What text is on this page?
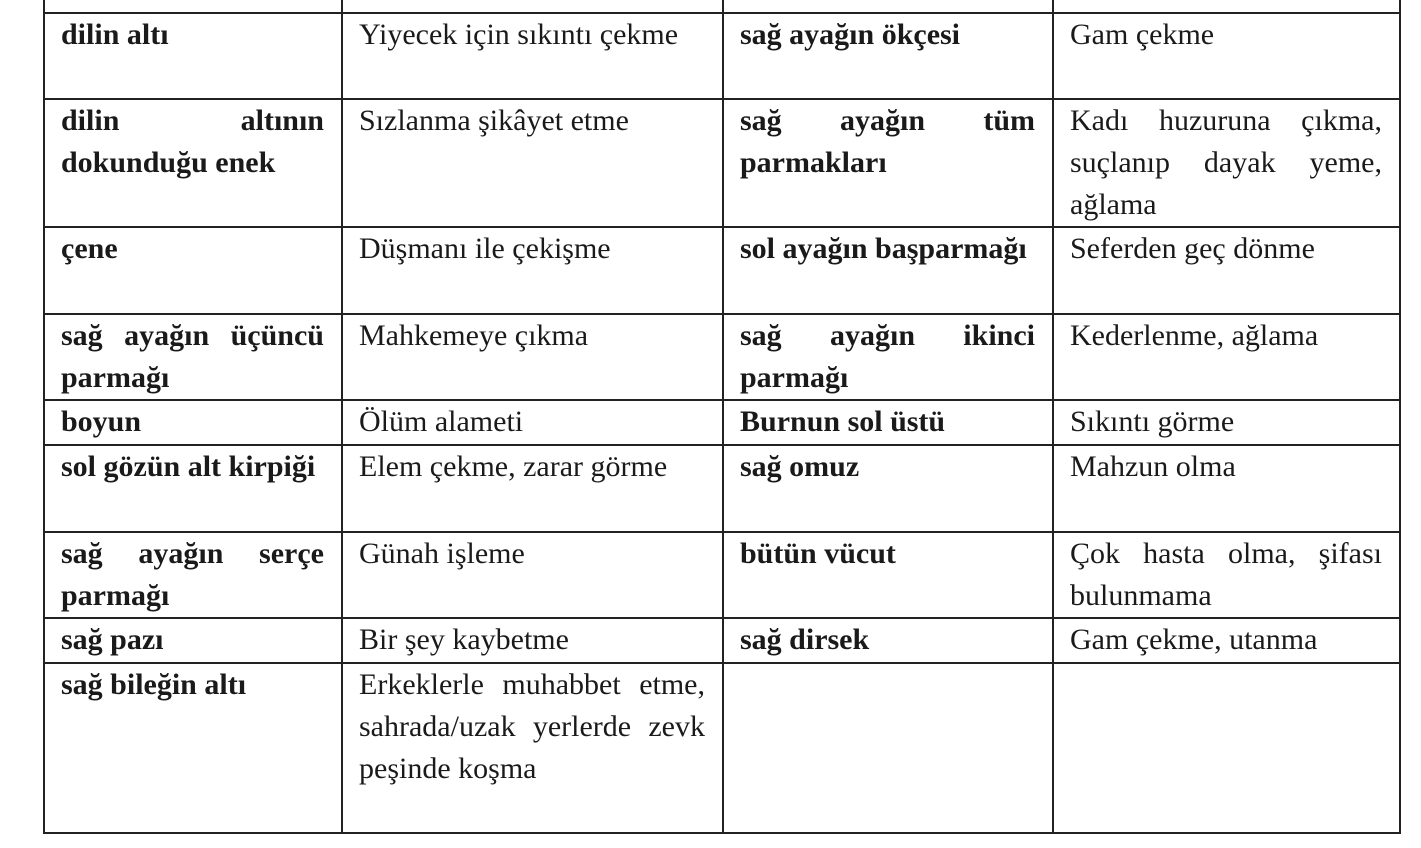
dilin altı	Yiyecek için sıkıntı çekme	sağ ayağın ökçesi	Gam çekme
dilin altının dokunduğu enek	Sızlanma şikâyet etme	sağ ayağın tüm parmakları	Kadı huzuruna çıkma, suçlanıp dayak yeme, ağlama
çene	Düşmanı ile çekişme	sol ayağın başparmağı	Seferden geç dönme
sağ ayağın üçüncü parmağı	Mahkemeye çıkma	sağ ayağın ikinci parmağı	Kederlenme, ağlama
boyun	Ölüm alameti	Burnun sol üstü	Sıkıntı görme
sol gözün alt kirpiği	Elem çekme, zarar görme	sağ omuz	Mahzun olma
sağ ayağın serçe parmağı	Günah işleme	bütün vücut	Çok hasta olma, şifası bulunmama
sağ pazı	Bir şey kaybetme	sağ dirsek	Gam çekme, utanma
sağ bileğin altı	Erkeklerle muhabbet etme, sahrada/uzak yerlerde zevk peşinde koşma		
